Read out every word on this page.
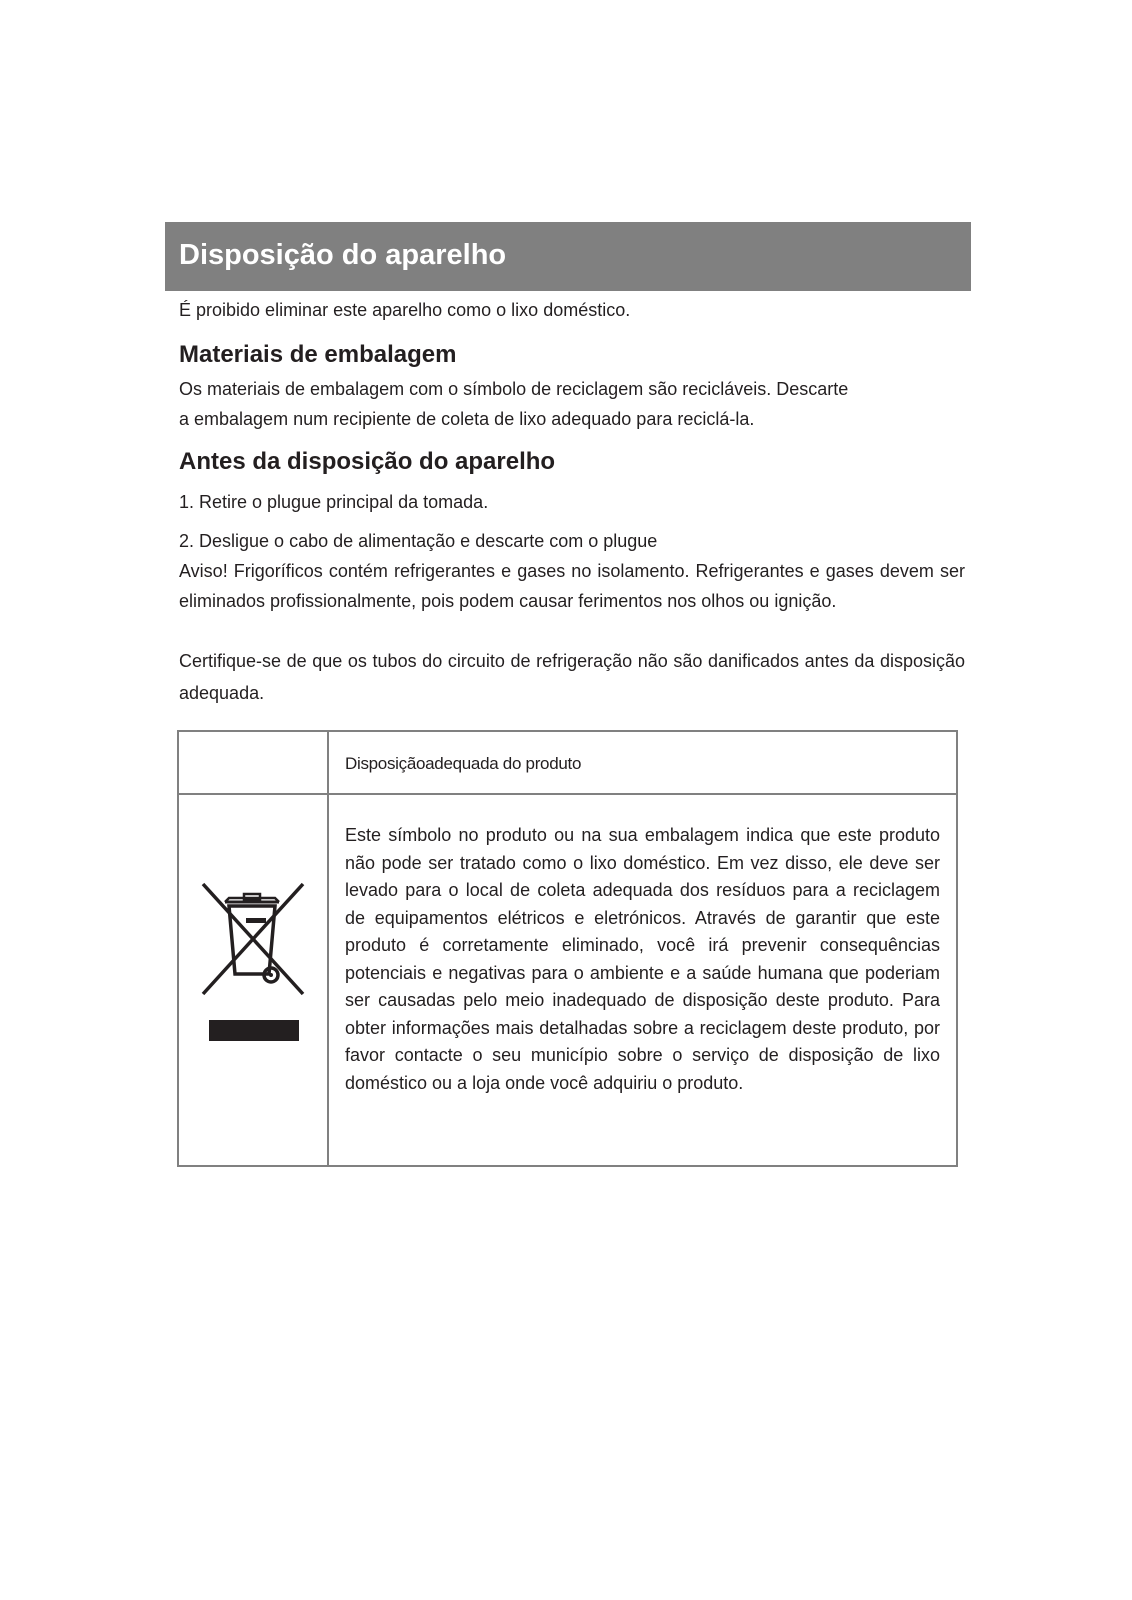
Disposição do aparelho
É proibido eliminar este aparelho como o lixo doméstico.
Materiais de embalagem
Os materiais de embalagem com o símbolo de reciclagem são recicláveis. Descarte
a embalagem num recipiente de coleta de lixo adequado para reciclá-la.
Antes da disposição do aparelho
1. Retire o plugue principal da tomada.
2. Desligue o cabo de alimentação e descarte com o plugue
Aviso! Frigoríficos contém refrigerantes e gases no isolamento. Refrigerantes e gases devem ser eliminados profissionalmente, pois podem causar ferimentos nos olhos ou ignição.
Certifique-se de que os tubos do circuito de refrigeração não são danificados antes da disposição adequada.
Disposiçãoadequada do produto
Este símbolo no produto ou na sua embalagem indica que este produto não pode ser tratado como o lixo doméstico. Em vez disso, ele deve ser levado para o local de coleta adequada dos resíduos para a reciclagem de equipamentos elétricos e eletrónicos. Através de garantir que este produto é corretamente eliminado, você irá prevenir consequências potenciais e negativas para o ambiente e a saúde humana que poderiam ser causadas pelo meio inadequado de disposição deste produto. Para obter informações mais detalhadas sobre a reciclagem deste produto, por favor contacte o seu município sobre o serviço de disposição de lixo doméstico ou a loja onde você adquiriu o produto.
